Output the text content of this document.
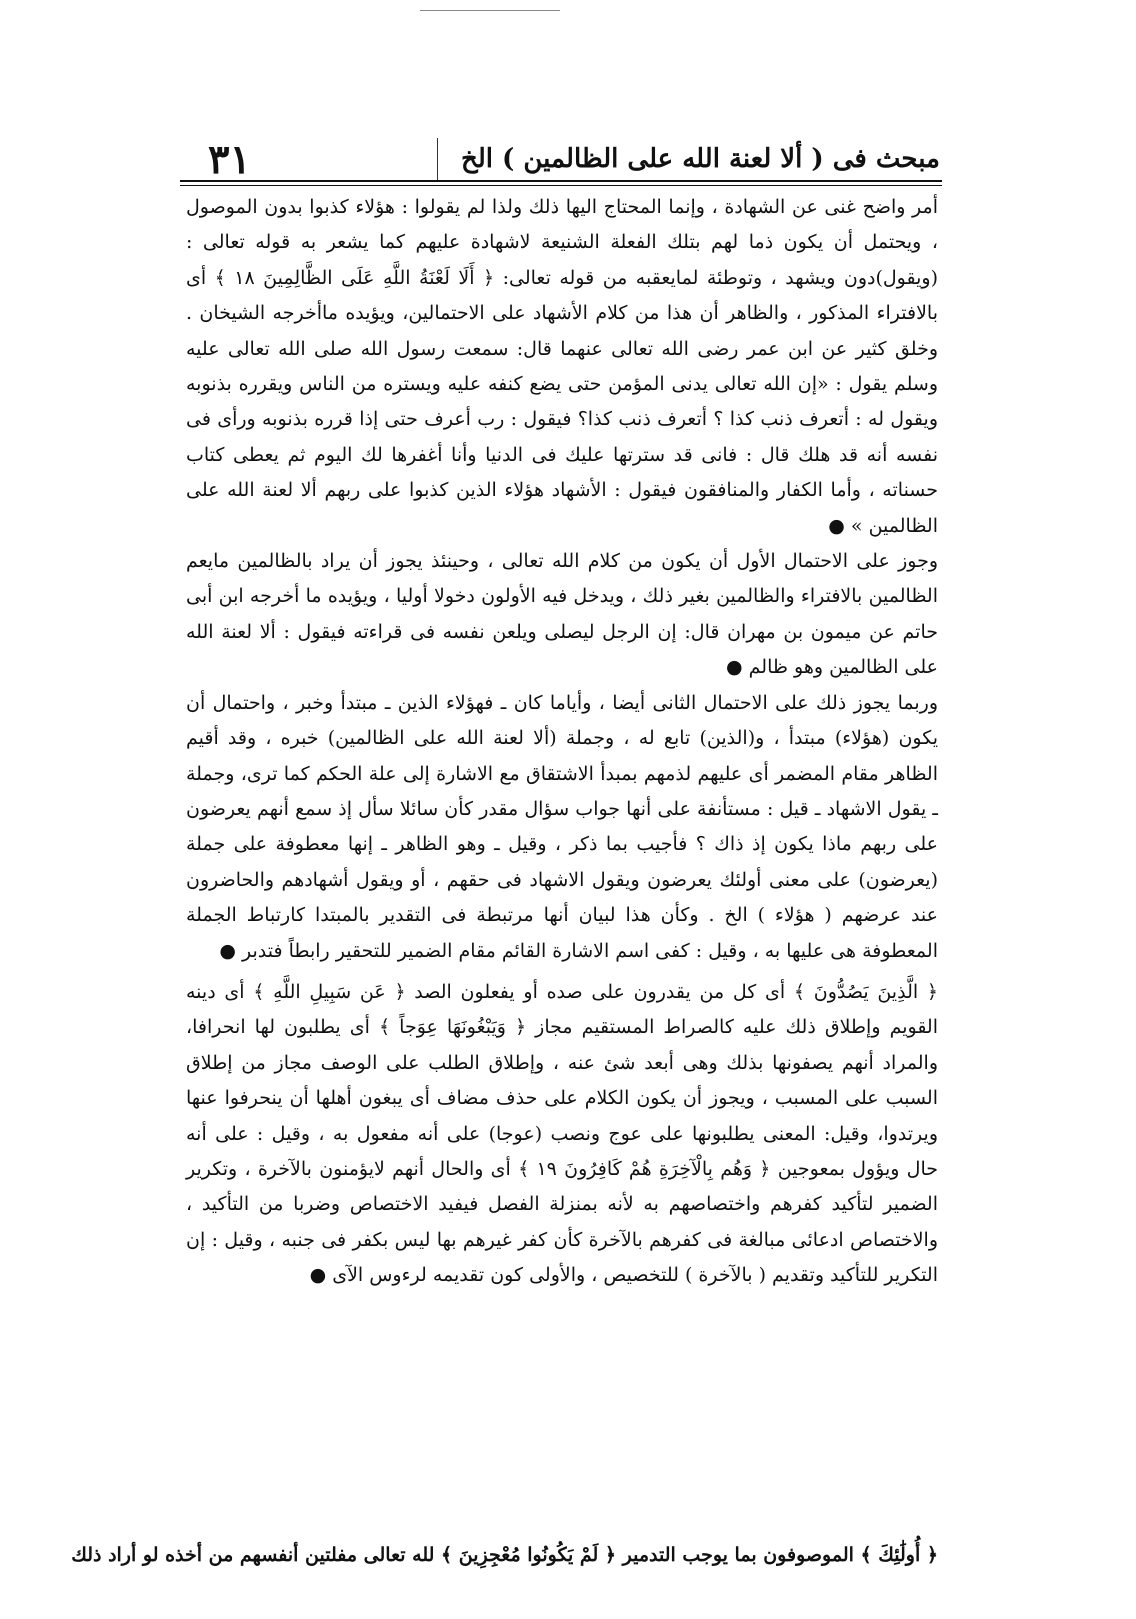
مبحث فى ( ألا لعنة الله على الظالمين ) الخ
٣١

أمر واضح غنى عن الشهادة ، وإنما المحتاج اليها ذلك ولذا لم يقولوا : هؤلاء كذبوا بدون الموصول ، ويحتمل أن يكون ذما لهم بتلك الفعلة الشنيعة لاشهادة عليهم كما يشعر به قوله تعالى : (ويقول)دون ويشهد ، وتوطئة لمايعقبه من قوله تعالى: ﴿ أَلَا لَعْنَةُ اللَّهِ عَلَى الظَّالِمِينَ ١٨ ﴾ أى بالافتراء المذكور ، والظاهر أن هذا من كلام الأشهاد على الاحتمالين، ويؤيده ماأخرجه الشيخان . وخلق كثير عن ابن عمر رضى الله تعالى عنهما قال: سمعت رسول الله صلى الله تعالى عليه وسلم يقول : «إن الله تعالى يدنى المؤمن حتى يضع كنفه عليه ويستره من الناس ويقرره بذنوبه ويقول له : أتعرف ذنب كذا ؟ أتعرف ذنب كذا؟ فيقول : رب أعرف حتى إذا قرره بذنوبه ورأى فى نفسه أنه قد هلك قال : فانى قد سترتها عليك فى الدنيا وأنا أغفرها لك اليوم ثم يعطى كتاب حسناته ، وأما الكفار والمنافقون فيقول : الأشهاد هؤلاء الذين كذبوا على ربهم ألا لعنة الله على الظالمين » ●

وجوز على الاحتمال الأول أن يكون من كلام الله تعالى ، وحينئذ يجوز أن يراد بالظالمين مايعم الظالمين بالافتراء والظالمين بغير ذلك ، ويدخل فيه الأولون دخولا أوليا ، ويؤيده ما أخرجه ابن أبى حاتم عن ميمون بن مهران قال: إن الرجل ليصلى ويلعن نفسه فى قراءته فيقول : ألا لعنة الله على الظالمين وهو ظالم ●

وربما يجوز ذلك على الاحتمال الثانى أيضا ، وأياما كان ـ فهؤلاء الذين ـ مبتدأ وخبر ، واحتمال أن يكون (هؤلاء) مبتدأ ، و(الذين) تابع له ، وجملة (ألا لعنة الله على الظالمين) خبره ، وقد أقيم الظاهر مقام المضمر أى عليهم لذمهم بمبدأ الاشتقاق مع الاشارة إلى علة الحكم كما ترى، وجملة ـ يقول الاشهاد ـ قيل : مستأنفة على أنها جواب سؤال مقدر كأن سائلا سأل إذ سمع أنهم يعرضون على ربهم ماذا يكون إذ ذاك ؟ فأجيب بما ذكر ، وقيل ـ وهو الظاهر ـ إنها معطوفة على جملة (يعرضون) على معنى أولئك يعرضون ويقول الاشهاد فى حقهم ، أو ويقول أشهادهم والحاضرون عند عرضهم ( هؤلاء ) الخ . وكأن هذا لبيان أنها مرتبطة فى التقدير بالمبتدا كارتباط الجملة المعطوفة هى عليها به ، وقيل : كفى اسم الاشارة القائم مقام الضمير للتحقير رابطاً فتدبر ●

﴿ الَّذِينَ يَصُدُّونَ ﴾ أى كل من يقدرون على صده أو يفعلون الصد ﴿ عَن سَبِيلِ اللَّهِ ﴾ أى دينه القويم وإطلاق ذلك عليه كالصراط المستقيم مجاز ﴿ وَيَبْغُونَهَا عِوَجاً ﴾ أى يطلبون لها انحرافا، والمراد أنهم يصفونها بذلك وهى أبعد شئ عنه ، وإطلاق الطلب على الوصف مجاز من إطلاق السبب على المسبب ، ويجوز أن يكون الكلام على حذف مضاف أى يبغون أهلها أن ينحرفوا عنها ويرتدوا، وقيل: المعنى يطلبونها على عوج ونصب (عوجا) على أنه مفعول به ، وقيل : على أنه حال ويؤول بمعوجين ﴿ وَهُم بِالْآخِرَةِ هُمْ كَافِرُونَ ١٩ ﴾ أى والحال أنهم لايؤمنون بالآخرة ، وتكرير الضمير لتأكيد كفرهم واختصاصهم به لأنه بمنزلة الفصل فيفيد الاختصاص وضربا من التأكيد ، والاختصاص ادعائى مبالغة فى كفرهم بالآخرة كأن كفر غيرهم بها ليس بكفر فى جنبه ، وقيل : إن التكرير للتأكيد وتقديم ( بالآخرة ) للتخصيص ، والأولى كون تقديمه لرءوس الآى ●

﴿ أُولَٰئِكَ ﴾ الموصوفون بما يوجب التدمير ﴿ لَمْ يَكُونُوا مُعْجِزِينَ ﴾ لله تعالى مفلتين أنفسهم من أخذه لو أراد ذلك
